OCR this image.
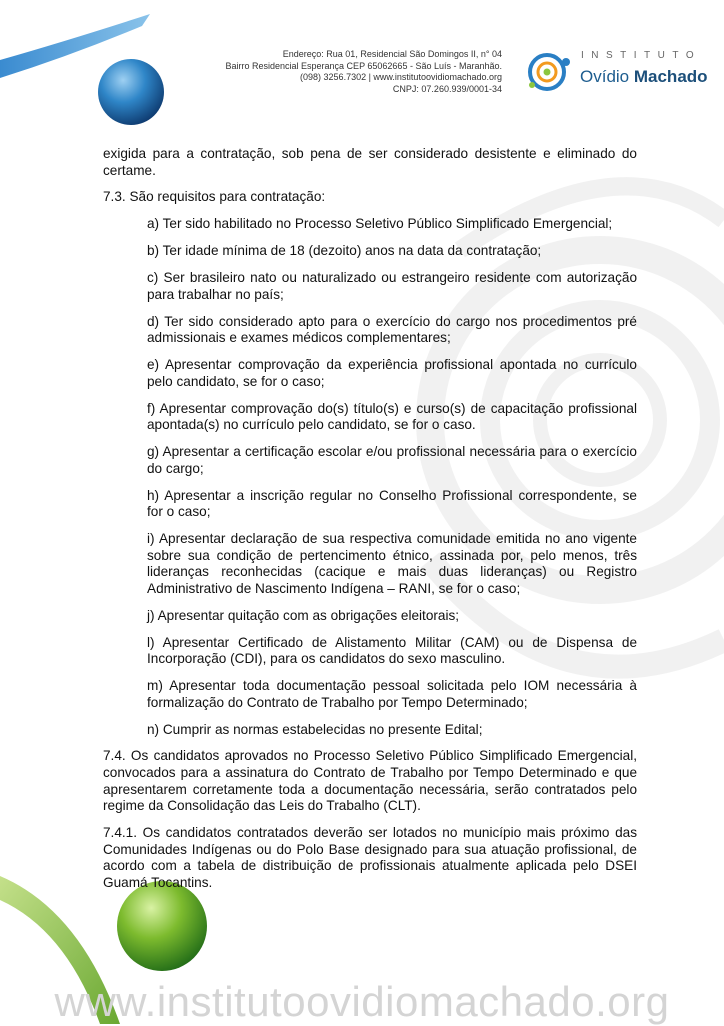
Endereço: Rua 01, Residencial São Domingos II, n° 04
Bairro Residencial Esperança CEP 65062665 - São Luís - Maranhão.
(098) 3256.7302 | www.institutoovidiomachado.org
CNPJ: 07.260.939/0001-34
INSTITUTO
Ovídio Machado

exigida para a contratação, sob pena de ser considerado desistente e eliminado do certame.

7.3. São requisitos para contratação:

a) Ter sido habilitado no Processo Seletivo Público Simplificado Emergencial;

b) Ter idade mínima de 18 (dezoito) anos na data da contratação;

c) Ser brasileiro nato ou naturalizado ou estrangeiro residente com autorização para trabalhar no país;

d) Ter sido considerado apto para o exercício do cargo nos procedimentos pré admissionais e exames médicos complementares;

e) Apresentar comprovação da experiência profissional apontada no currículo pelo candidato, se for o caso;

f) Apresentar comprovação do(s) título(s) e curso(s) de capacitação profissional apontada(s) no currículo pelo candidato, se for o caso.

g) Apresentar a certificação escolar e/ou profissional necessária para o exercício do cargo;

h) Apresentar a inscrição regular no Conselho Profissional correspondente, se for o caso;

i) Apresentar declaração de sua respectiva comunidade emitida no ano vigente sobre sua condição de pertencimento étnico, assinada por, pelo menos, três lideranças reconhecidas (cacique e mais duas lideranças) ou Registro Administrativo de Nascimento Indígena – RANI, se for o caso;

j) Apresentar quitação com as obrigações eleitorais;

l) Apresentar Certificado de Alistamento Militar (CAM) ou de Dispensa de Incorporação (CDI), para os candidatos do sexo masculino.

m) Apresentar toda documentação pessoal solicitada pelo IOM necessária à formalização do Contrato de Trabalho por Tempo Determinado;

n) Cumprir as normas estabelecidas no presente Edital;

7.4. Os candidatos aprovados no Processo Seletivo Público Simplificado Emergencial, convocados para a assinatura do Contrato de Trabalho por Tempo Determinado e que apresentarem corretamente toda a documentação necessária, serão contratados pelo regime da Consolidação das Leis do Trabalho (CLT).

7.4.1. Os candidatos contratados deverão ser lotados no município mais próximo das Comunidades Indígenas ou do Polo Base designado para sua atuação profissional, de acordo com a tabela de distribuição de profissionais atualmente aplicada pelo DSEI Guamá Tocantins.

www.institutoovidiomachado.org
